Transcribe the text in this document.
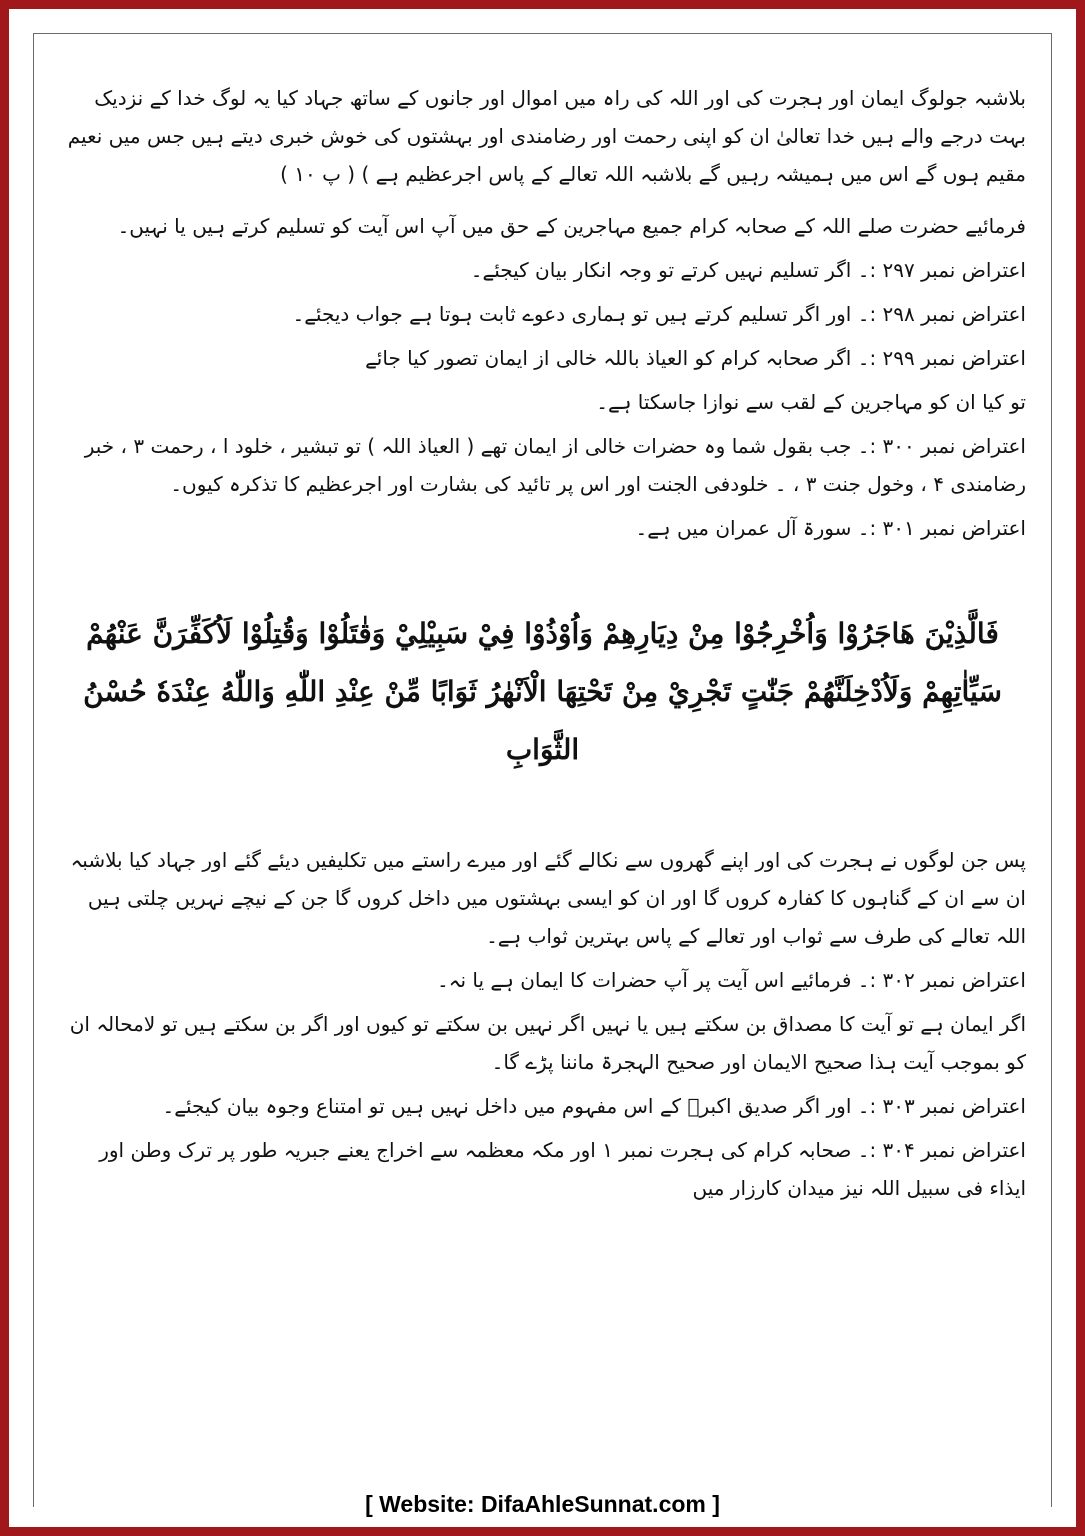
بلاشبہ جولوگ ایمان اور ہجرت کی اور اللہ کی راہ میں اموال اور جانوں کے ساتھ جہاد کیا یہ لوگ خدا کے نزدیک بہت درجے والے ہیں خدا تعالیٰ ان کو اپنی رحمت اور رضامندی اور بہشتوں کی خوش خبری دیتے ہیں جس میں نعیم مقیم ہوں گے اس میں ہمیشہ رہیں گے بلاشبہ اللہ تعالے کے پاس اجرعظیم ہے ) ( پ ۱۰ )

فرمائیے حضرت صلے اللہ کے صحابہ کرام جمیع مہاجرین کے حق میں آپ اس آیت کو تسلیم کرتے ہیں یا نہیں۔

اعتراض نمبر ۲۹۷ :۔ اگر تسلیم نہیں کرتے تو وجہ انکار بیان کیجئے۔

اعتراض نمبر ۲۹۸ :۔ اور اگر تسلیم کرتے ہیں تو ہماری دعوے ثابت ہوتا ہے جواب دیجئے۔

اعتراض نمبر ۲۹۹ :۔ اگر صحابہ کرام کو العیاذ باللہ خالی از ایمان تصور کیا جائے

تو کیا ان کو مہاجرین کے لقب سے نوازا جاسکتا ہے۔

اعتراض نمبر ۳۰۰ :۔ جب بقول شما وہ حضرات خالی از ایمان تھے ( العیاذ اللہ ) تو تبشیر ، خلود ا ، رحمت ۳ ، خبر رضامندی ۴ ، وخول جنت ۳ ، ۔ خلودفی الجنت اور اس پر تائید کی بشارت اور اجرعظیم کا تذکرہ کیوں۔

اعتراض نمبر ۳۰۱ :۔ سورۃ آل عمران میں ہے۔

فَالَّذِيْنَ هَاجَرُوْا وَاُخْرِجُوْا مِنْ دِيَارِهِمْ وَاُوْذُوْا فِيْ سَبِيْلِيْ وَقٰتَلُوْا وَقُتِلُوْا لَاُكَفِّرَنَّ عَنْهُمْ سَيِّاٰتِهِمْ وَلَاُدْخِلَنَّهُمْ جَنّٰتٍ تَجْرِيْ مِنْ تَحْتِهَا الْاَنْهٰرُ ثَوَابًا مِّنْ عِنْدِ اللّٰهِ وَاللّٰهُ عِنْدَهٗ حُسْنُ الثَّوَابِ

پس جن لوگوں نے ہجرت کی اور اپنے گھروں سے نکالے گئے اور میرے راستے میں تکلیفیں دیئے گئے اور جہاد کیا بلاشبہ ان سے ان کے گناہوں کا کفارہ کروں گا اور ان کو ایسی بہشتوں میں داخل کروں گا جن کے نیچے نہریں چلتی ہیں اللہ تعالے کی طرف سے ثواب اور تعالے کے پاس بہترین ثواب ہے۔

اعتراض نمبر ۳۰۲ :۔ فرمائیے اس آیت پر آپ حضرات کا ایمان ہے یا نہ۔

اگر ایمان ہے تو آیت کا مصداق بن سکتے ہیں یا نہیں اگر نہیں بن سکتے تو کیوں اور اگر بن سکتے ہیں تو لامحالہ ان کو بموجب آیت ہذا صحیح الایمان اور صحیح الہجرۃ ماننا پڑے گا۔

اعتراض نمبر ۳۰۳ :۔ اور اگر صدیق اکبرؓ کے اس مفہوم میں داخل نہیں ہیں تو امتناع وجوہ بیان کیجئے۔

اعتراض نمبر ۳۰۴ :۔ صحابہ کرام کی ہجرت نمبر ۱ اور مکہ معظمہ سے اخراج یعنے جبریہ طور پر ترک وطن اور ایذاء فی سبیل اللہ نیز میدان کارزار میں

[ Website: DifaAhleSunnat.com ]
